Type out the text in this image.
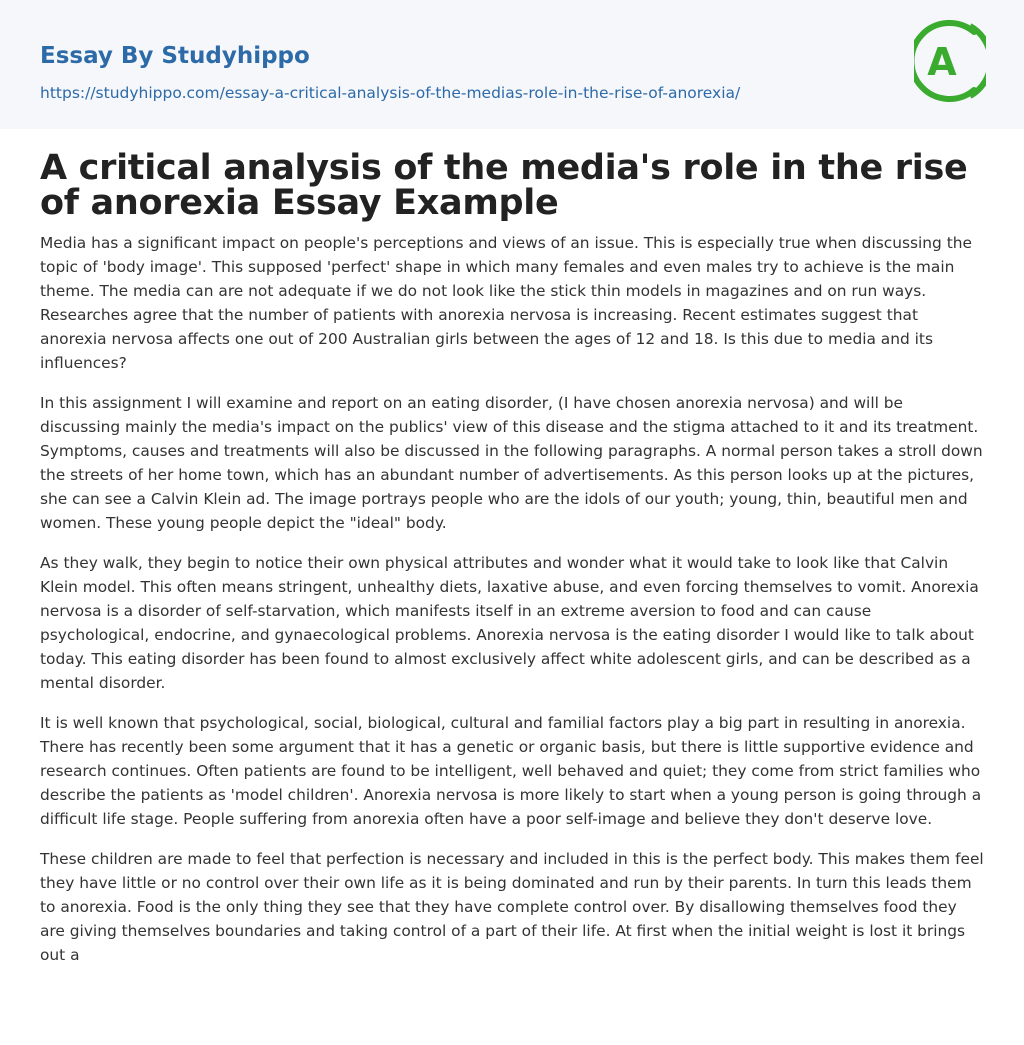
Essay By Studyhippo
https://studyhippo.com/essay-a-critical-analysis-of-the-medias-role-in-the-rise-of-anorexia/
A
A critical analysis of the media's role in the rise of anorexia Essay Example

Media has a significant impact on people's perceptions and views of an issue. This is especially true when discussing the topic of 'body image'. This supposed 'perfect' shape in which many females and even males try to achieve is the main theme. The media can are not adequate if we do not look like the stick thin models in magazines and on run ways. Researches agree that the number of patients with anorexia nervosa is increasing. Recent estimates suggest that anorexia nervosa affects one out of 200 Australian girls between the ages of 12 and 18. Is this due to media and its influences?

In this assignment I will examine and report on an eating disorder, (I have chosen anorexia nervosa) and will be discussing mainly the media's impact on the publics' view of this disease and the stigma attached to it and its treatment. Symptoms, causes and treatments will also be discussed in the following paragraphs. A normal person takes a stroll down the streets of her home town, which has an abundant number of advertisements. As this person looks up at the pictures, she can see a Calvin Klein ad. The image portrays people who are the idols of our youth; young, thin, beautiful men and women. These young people depict the "ideal" body.

As they walk, they begin to notice their own physical attributes and wonder what it would take to look like that Calvin Klein model. This often means stringent, unhealthy diets, laxative abuse, and even forcing themselves to vomit. Anorexia nervosa is a disorder of self-starvation, which manifests itself in an extreme aversion to food and can cause psychological, endocrine, and gynaecological problems. Anorexia nervosa is the eating disorder I would like to talk about today. This eating disorder has been found to almost exclusively affect white adolescent girls, and can be described as a mental disorder.

It is well known that psychological, social, biological, cultural and familial factors play a big part in resulting in anorexia. There has recently been some argument that it has a genetic or organic basis, but there is little supportive evidence and research continues. Often patients are found to be intelligent, well behaved and quiet; they come from strict families who describe the patients as 'model children'. Anorexia nervosa is more likely to start when a young person is going through a difficult life stage. People suffering from anorexia often have a poor self-image and believe they don't deserve love.

These children are made to feel that perfection is necessary and included in this is the perfect body. This makes them feel they have little or no control over their own life as it is being dominated and run by their parents. In turn this leads them to anorexia. Food is the only thing they see that they have complete control over. By disallowing themselves food they are giving themselves boundaries and taking control of a part of their life. At first when the initial weight is lost it brings out a
